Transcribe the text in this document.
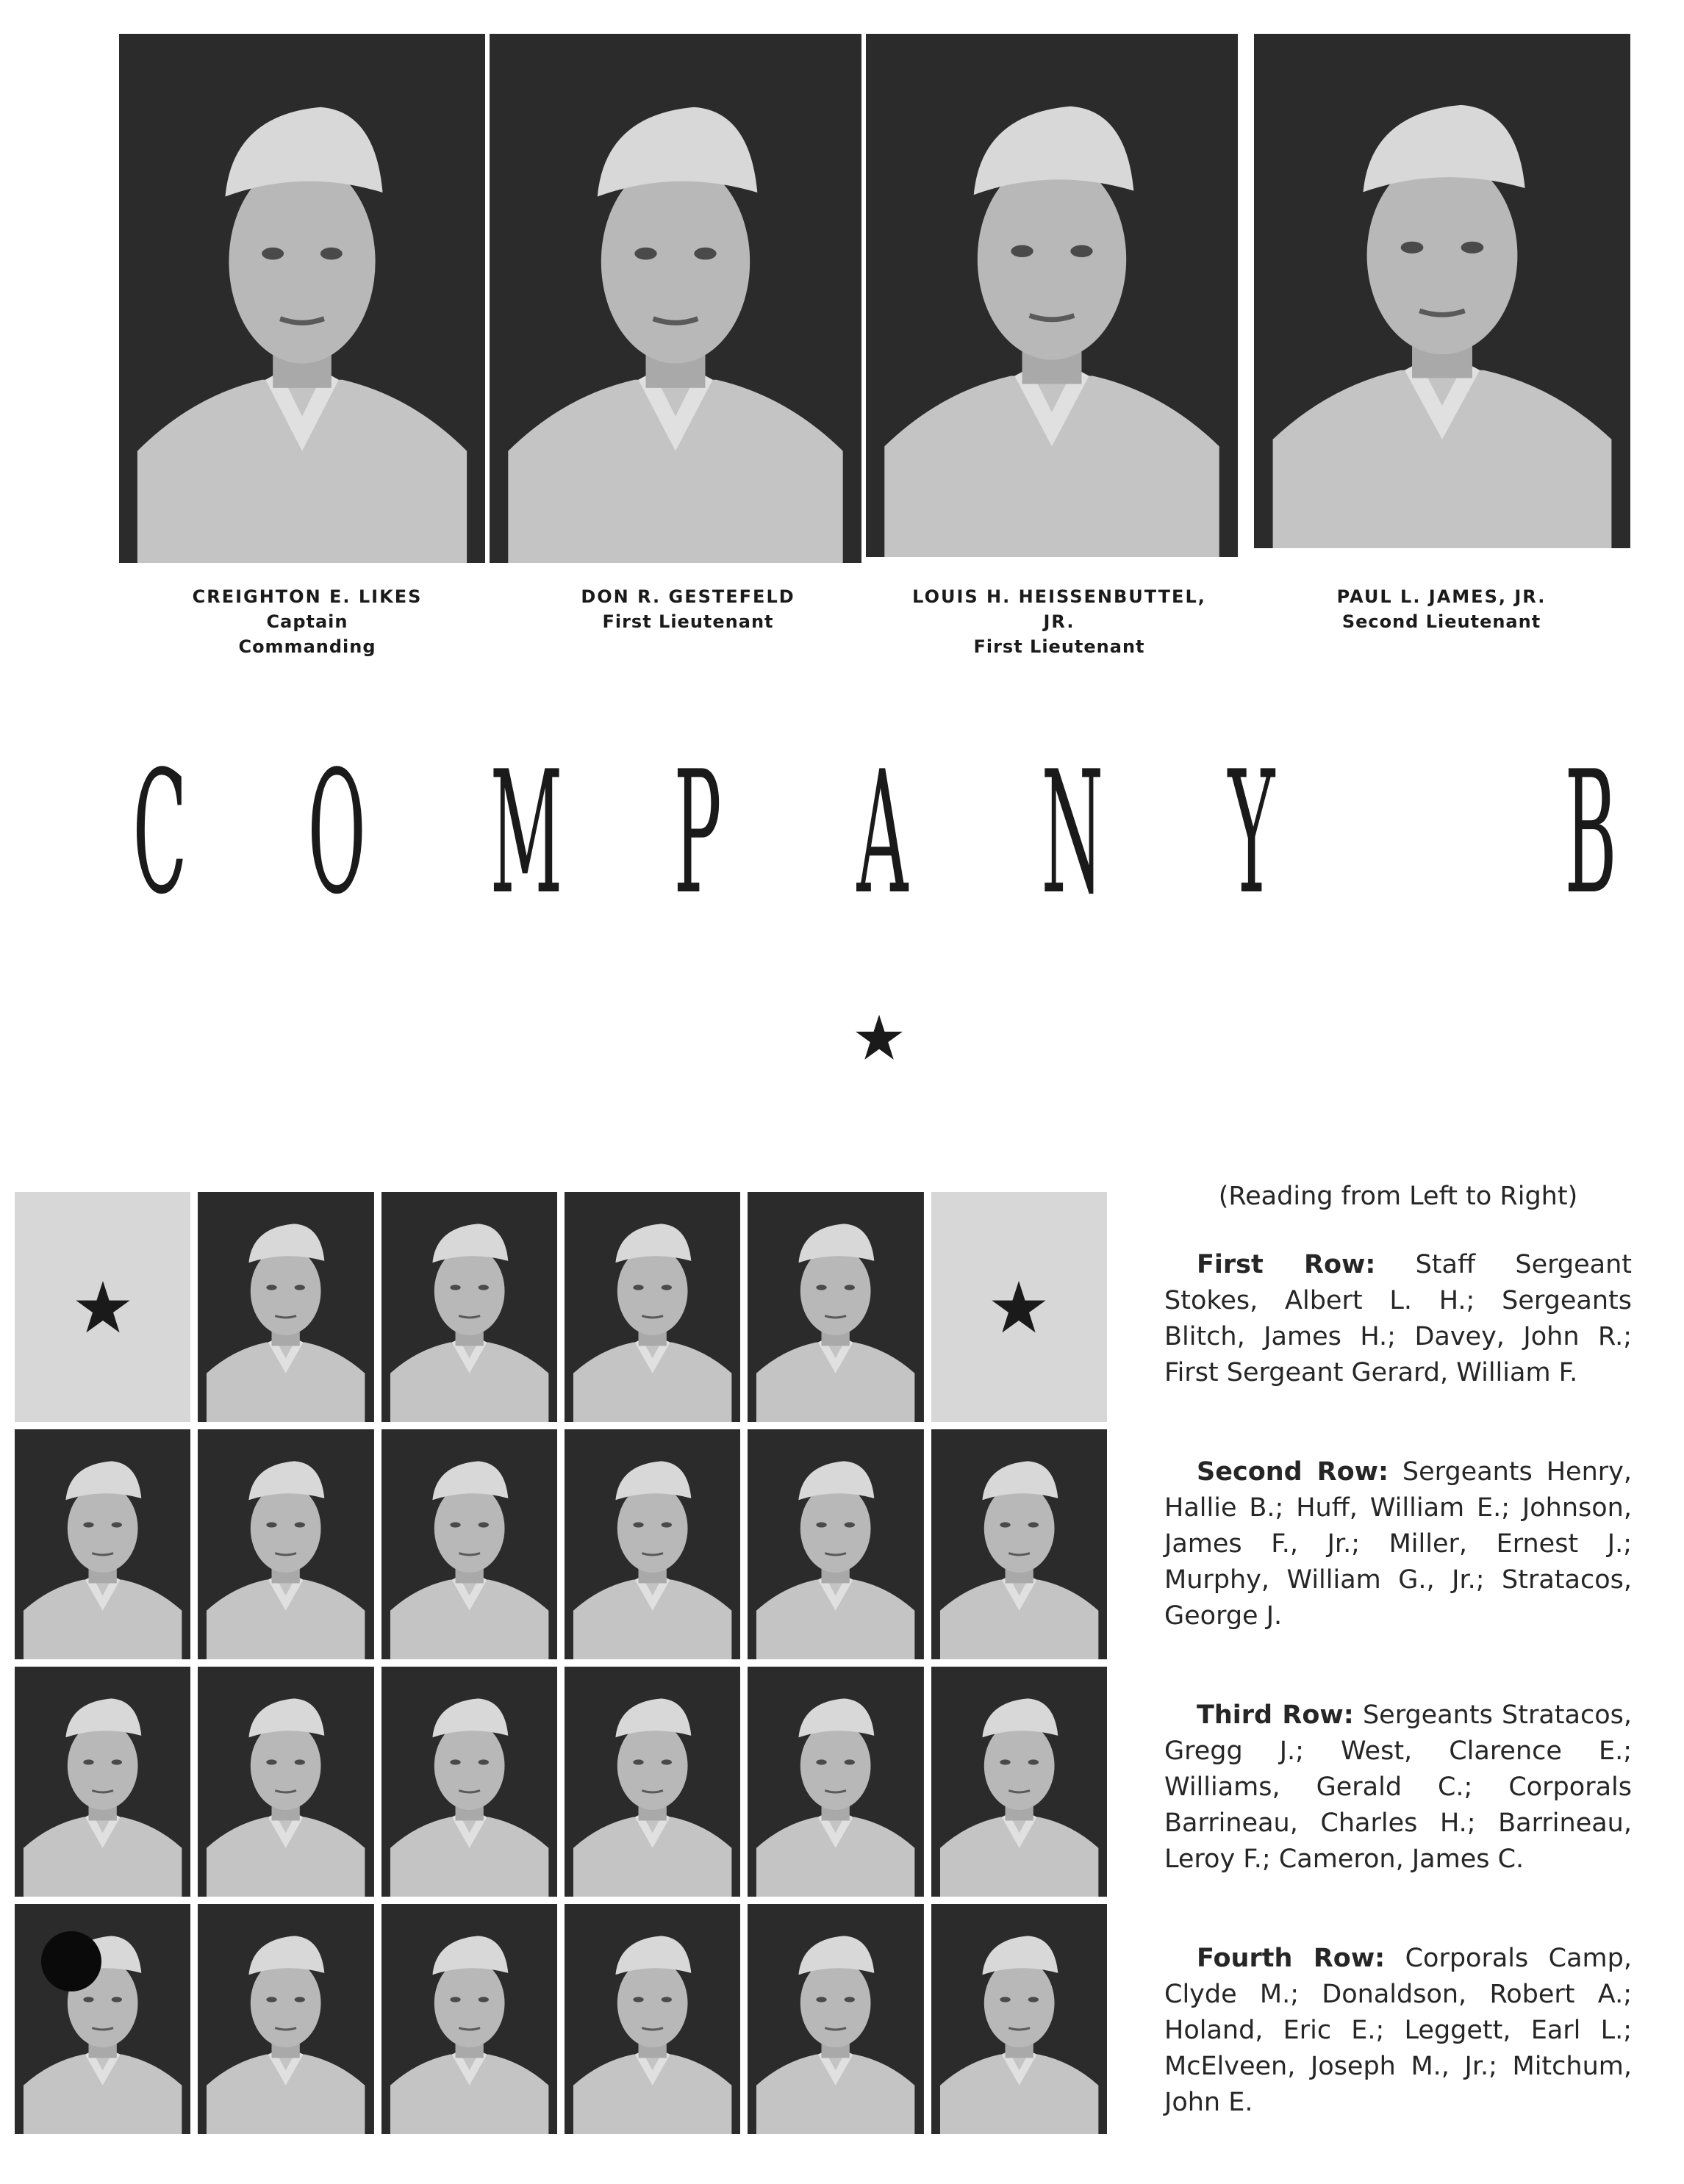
CREIGHTON E. LIKES
Captain
Commanding
DON R. GESTEFELD
First Lieutenant
LOUIS H. HEISSENBUTTEL, JR.
First Lieutenant
PAUL L. JAMES, JR.
Second Lieutenant
C O M P A N Y B

(Reading from Left to Right)

First Row: Staff Sergeant Stokes, Albert L. H.; Sergeants Blitch, James H.; Davey, John R.; First Sergeant Gerard, William F.

Second Row: Sergeants Henry, Hallie B.; Huff, William E.; Johnson, James F., Jr.; Miller, Ernest J.; Murphy, William G., Jr.; Stratacos, George J.

Third Row: Sergeants Stratacos, Gregg J.; West, Clarence E.; Williams, Gerald C.; Corporals Barrineau, Charles H.; Barrineau, Leroy F.; Cameron, James C.

Fourth Row: Corporals Camp, Clyde M.; Donaldson, Robert A.; Holand, Eric E.; Leggett, Earl L.; McElveen, Joseph M., Jr.; Mitchum, John E.
